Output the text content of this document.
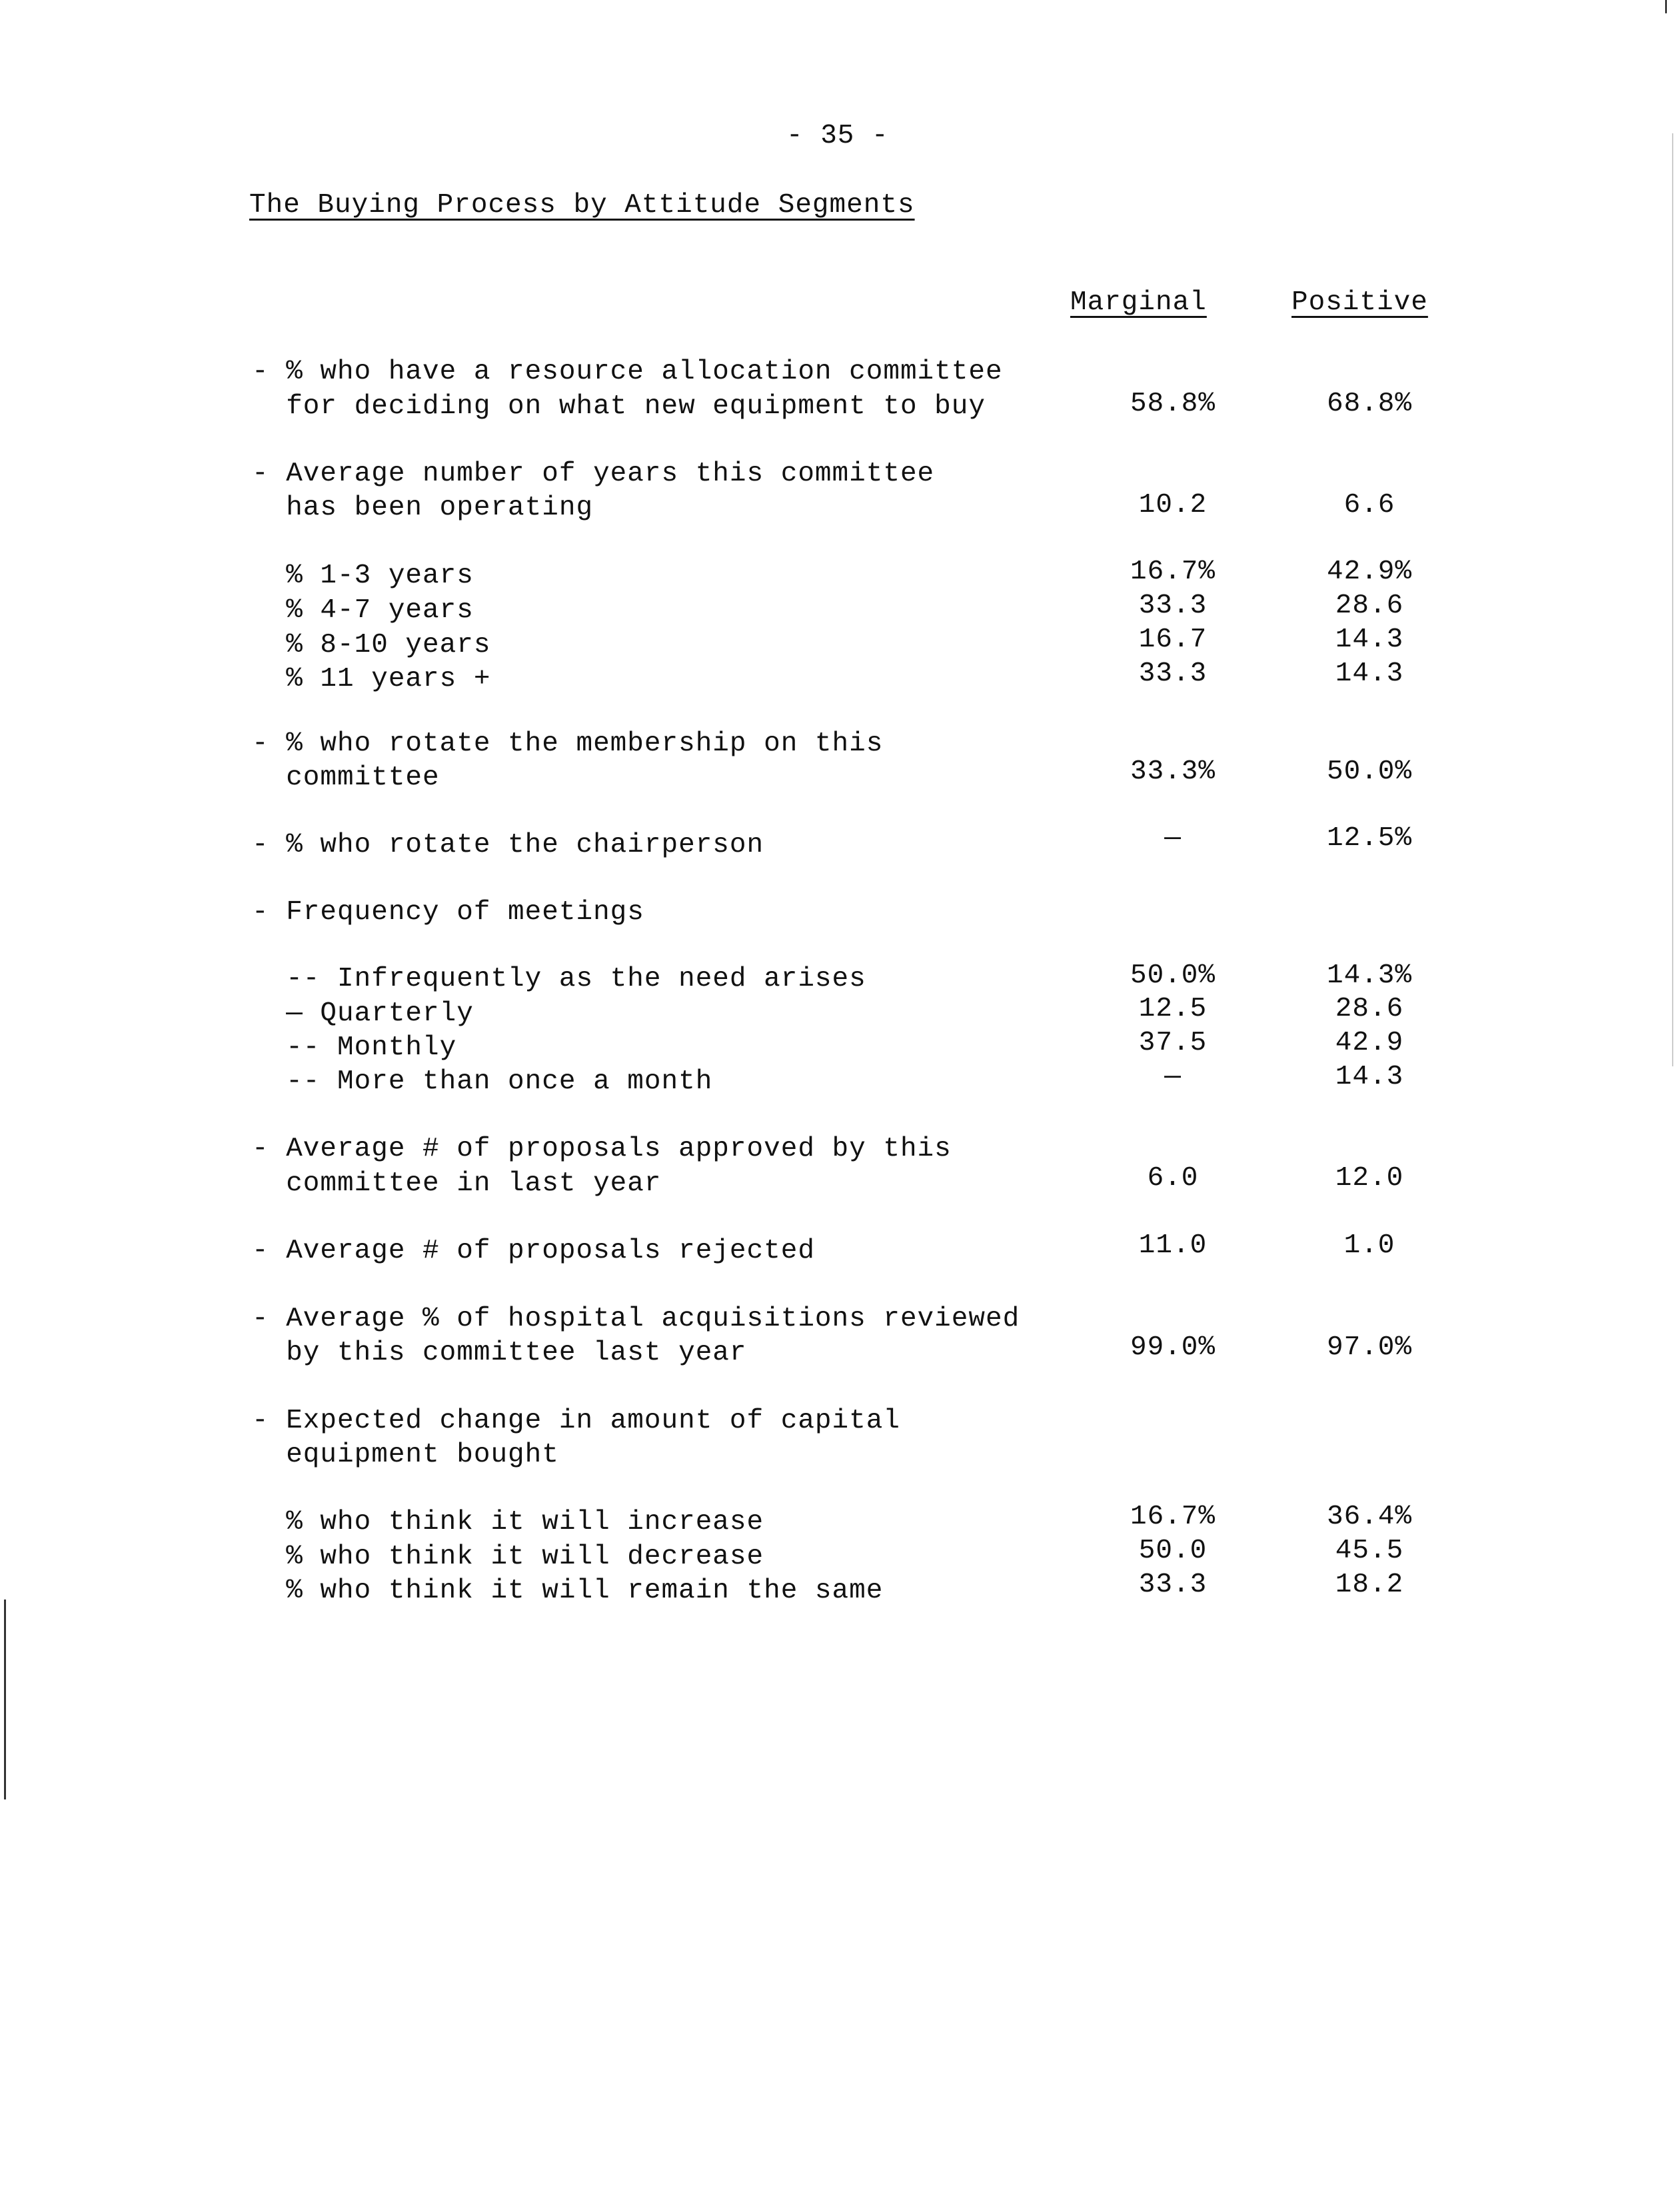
- 35 -
The Buying Process by Attitude Segments
Marginal	Positive
- % who have a resource allocation committee
for deciding on what new equipment to buy	58.8%	68.8%
- Average number of years this committee
has been operating	10.2	6.6
% 1-3 years	16.7%	42.9%
% 4-7 years	33.3	28.6
% 8-10 years	16.7	14.3
% 11 years +	33.3	14.3
- % who rotate the membership on this
committee	33.3%	50.0%
- % who rotate the chairperson	—	12.5%
- Frequency of meetings
-- Infrequently as the need arises	50.0%	14.3%
— Quarterly	12.5	28.6
-- Monthly	37.5	42.9
-- More than once a month	—	14.3
- Average # of proposals approved by this
committee in last year	6.0	12.0
- Average # of proposals rejected	11.0	1.0
- Average % of hospital acquisitions reviewed
by this committee last year	99.0%	97.0%
- Expected change in amount of capital
equipment bought
% who think it will increase	16.7%	36.4%
% who think it will decrease	50.0	45.5
% who think it will remain the same	33.3	18.2
